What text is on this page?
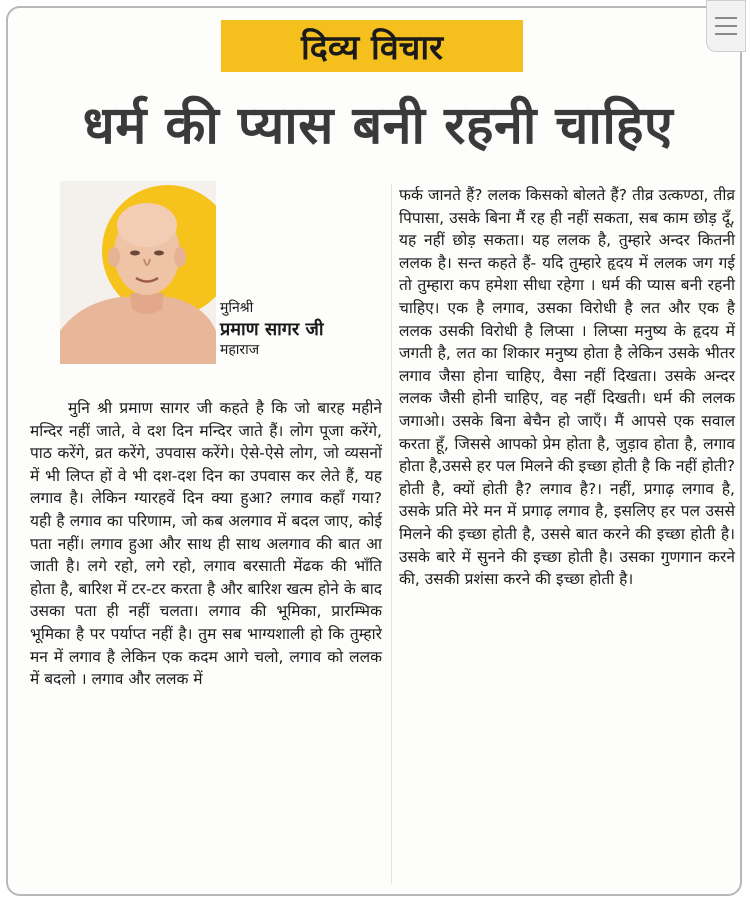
दिव्य विचार
धर्म की प्यास बनी रहनी चाहिए
मुनिश्री
प्रमाण सागर जी
महाराज

मुनि श्री प्रमाण सागर जी कहते है कि जो बारह महीने मन्दिर नहीं जाते, वे दश दिन मन्दिर जाते हैं। लोग पूजा करेंगे, पाठ करेंगे, व्रत करेंगे, उपवास करेंगे। ऐसे-ऐसे लोग, जो व्यसनों में भी लिप्त हों वे भी दश-दश दिन का उपवास कर लेते हैं, यह लगाव है। लेकिन ग्यारहवें दिन क्या हुआ? लगाव कहाँ गया? यही है लगाव का परिणाम, जो कब अलगाव में बदल जाए, कोई पता नहीं। लगाव हुआ और साथ ही साथ अलगाव की बात आ जाती है। लगे रहो, लगे रहो, लगाव बरसाती मेंढक की भाँति होता है, बारिश में टर-टर करता है और बारिश खत्म होने के बाद उसका पता ही नहीं चलता। लगाव की भूमिका, प्रारम्भिक भूमिका है पर पर्याप्त नहीं है। तुम सब भाग्यशाली हो कि तुम्हारे मन में लगाव है लेकिन एक कदम आगे चलो, लगाव को ललक में बदलो । लगाव और ललक में

फर्क जानते हैं? ललक किसको बोलते हैं? तीव्र उत्कण्ठा, तीव्र पिपासा, उसके बिना मैं रह ही नहीं सकता, सब काम छोड़ दूँ, यह नहीं छोड़ सकता। यह ललक है, तुम्हारे अन्दर कितनी ललक है। सन्त कहते हैं- यदि तुम्हारे हृदय में ललक जग गई तो तुम्हारा कप हमेशा सीधा रहेगा । धर्म की प्यास बनी रहनी चाहिए। एक है लगाव, उसका विरोधी है लत और एक है ललक उसकी विरोधी है लिप्सा । लिप्सा मनुष्य के हृदय में जगती है, लत का शिकार मनुष्य होता है लेकिन उसके भीतर लगाव जैसा होना चाहिए, वैसा नहीं दिखता। उसके अन्दर ललक जैसी होनी चाहिए, वह नहीं दिखती। धर्म की ललक जगाओ। उसके बिना बेचैन हो जाएँ। मैं आपसे एक सवाल करता हूँ, जिससे आपको प्रेम होता है, जुड़ाव होता है, लगाव होता है,उससे हर पल मिलने की इच्छा होती है कि नहीं होती? होती है, क्यों होती है? लगाव है?। नहीं, प्रगाढ़ लगाव है, उसके प्रति मेरे मन में प्रगाढ़ लगाव है, इसलिए हर पल उससे मिलने की इच्छा होती है, उससे बात करने की इच्छा होती है। उसके बारे में सुनने की इच्छा होती है। उसका गुणगान करने की, उसकी प्रशंसा करने की इच्छा होती है।
